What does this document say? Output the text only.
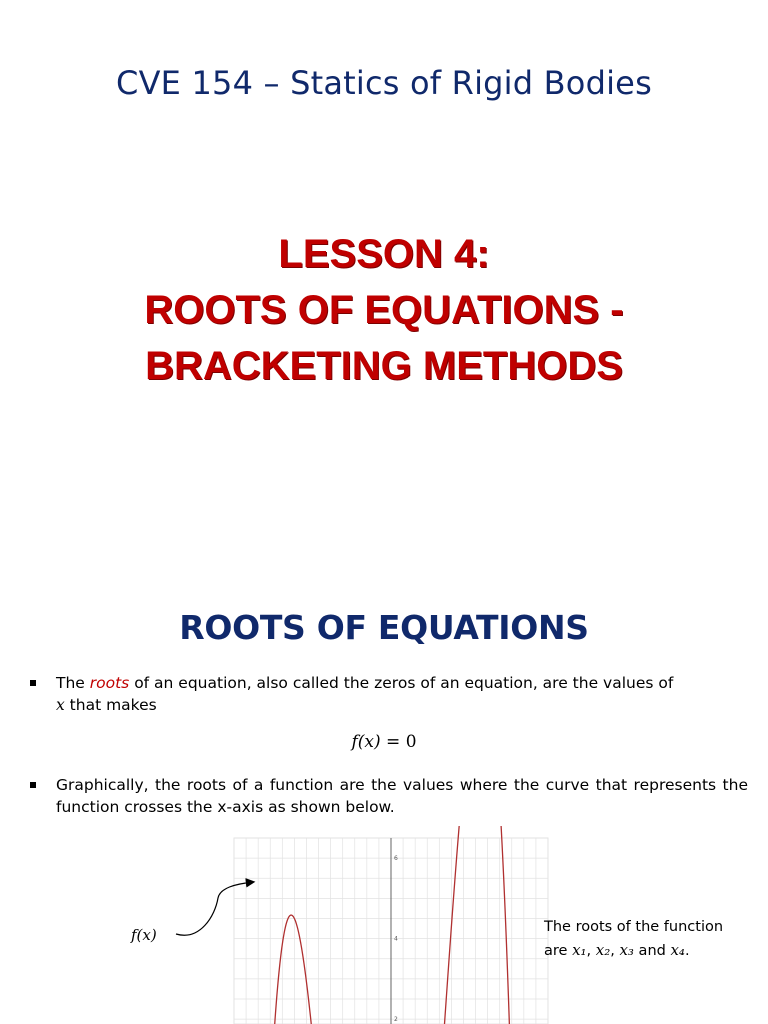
CVE 154 – Statics of Rigid Bodies
LESSON 4:
ROOTS OF EQUATIONS -
BRACKETING METHODS
ROOTS OF EQUATIONS
The roots of an equation, also called the zeros of an equation, are the values of
x that makes
f(x) = 0
Graphically, the roots of a function are the values where the curve that represents the function crosses the x-axis as shown below.
f(x)
2
4
6
The roots of the function
are x₁, x₂, x₃ and x₄.
